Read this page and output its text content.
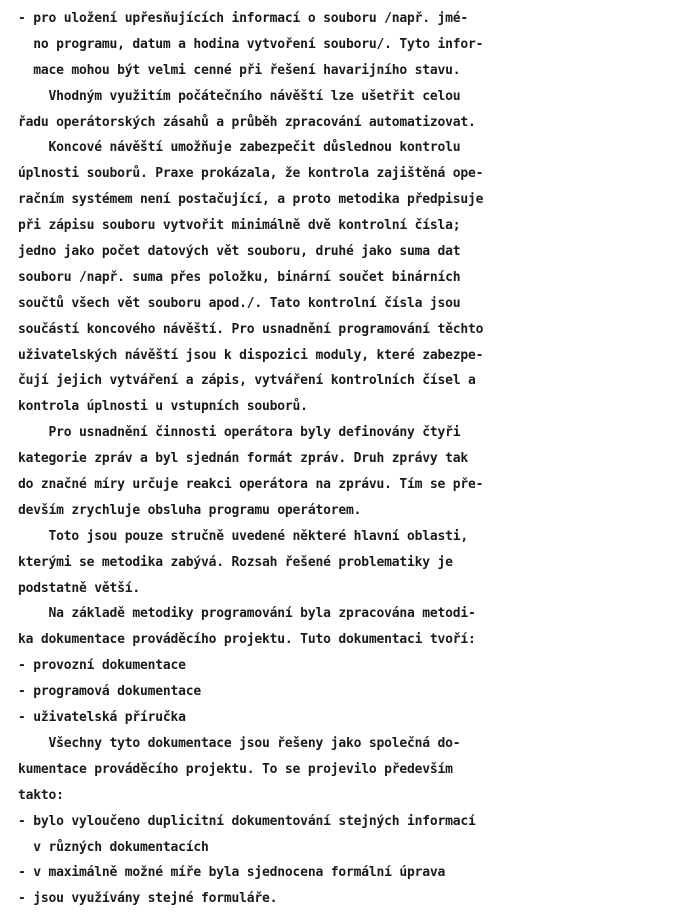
- pro uložení upřesňujících informací o souboru /např. jmé-
no programu, datum a hodina vytvoření souboru/. Tyto infor-
mace mohou být velmi cenné při řešení havarijního stavu.
Vhodným využitím počátečního návěští lze ušetřit celou
řadu operátorských zásahů a průběh zpracování automatizovat.
Koncové návěští umožňuje zabezpečit důslednou kontrolu
úplnosti souborů. Praxe prokázala, že kontrola zajištěná ope-
račním systémem není postačující, a proto metodika předpisuje
při zápisu souboru vytvořit minimálně dvě kontrolní čísla;
jedno jako počet datových vět souboru, druhé jako suma dat
souboru /např. suma přes položku, binární součet binárních
součtů všech vět souboru apod./. Tato kontrolní čísla jsou
součástí koncového návěští. Pro usnadnění programování těchto
uživatelských návěští jsou k dispozici moduly, které zabezpe-
čují jejich vytváření a zápis, vytváření kontrolních čísel a
kontrola úplnosti u vstupních souborů.
Pro usnadnění činnosti operátora byly definovány čtyři
kategorie zpráv a byl sjednán formát zpráv. Druh zprávy tak
do značné míry určuje reakci operátora na zprávu. Tím se pře-
devším zrychluje obsluha programu operátorem.
Toto jsou pouze stručně uvedené některé hlavní oblasti,
kterými se metodika zabývá. Rozsah řešené problematiky je
podstatně větší.
Na základě metodiky programování byla zpracována metodi-
ka dokumentace prováděcího projektu. Tuto dokumentaci tvoří:
- provozní dokumentace
- programová dokumentace
- uživatelská příručka
Všechny tyto dokumentace jsou řešeny jako společná do-
kumentace prováděcího projektu. To se projevilo především
takto:
- bylo vyloučeno duplicitní dokumentování stejných informací
v různých dokumentacích
- v maximálně možné míře byla sjednocena formální úprava
- jsou využívány stejné formuláře.
